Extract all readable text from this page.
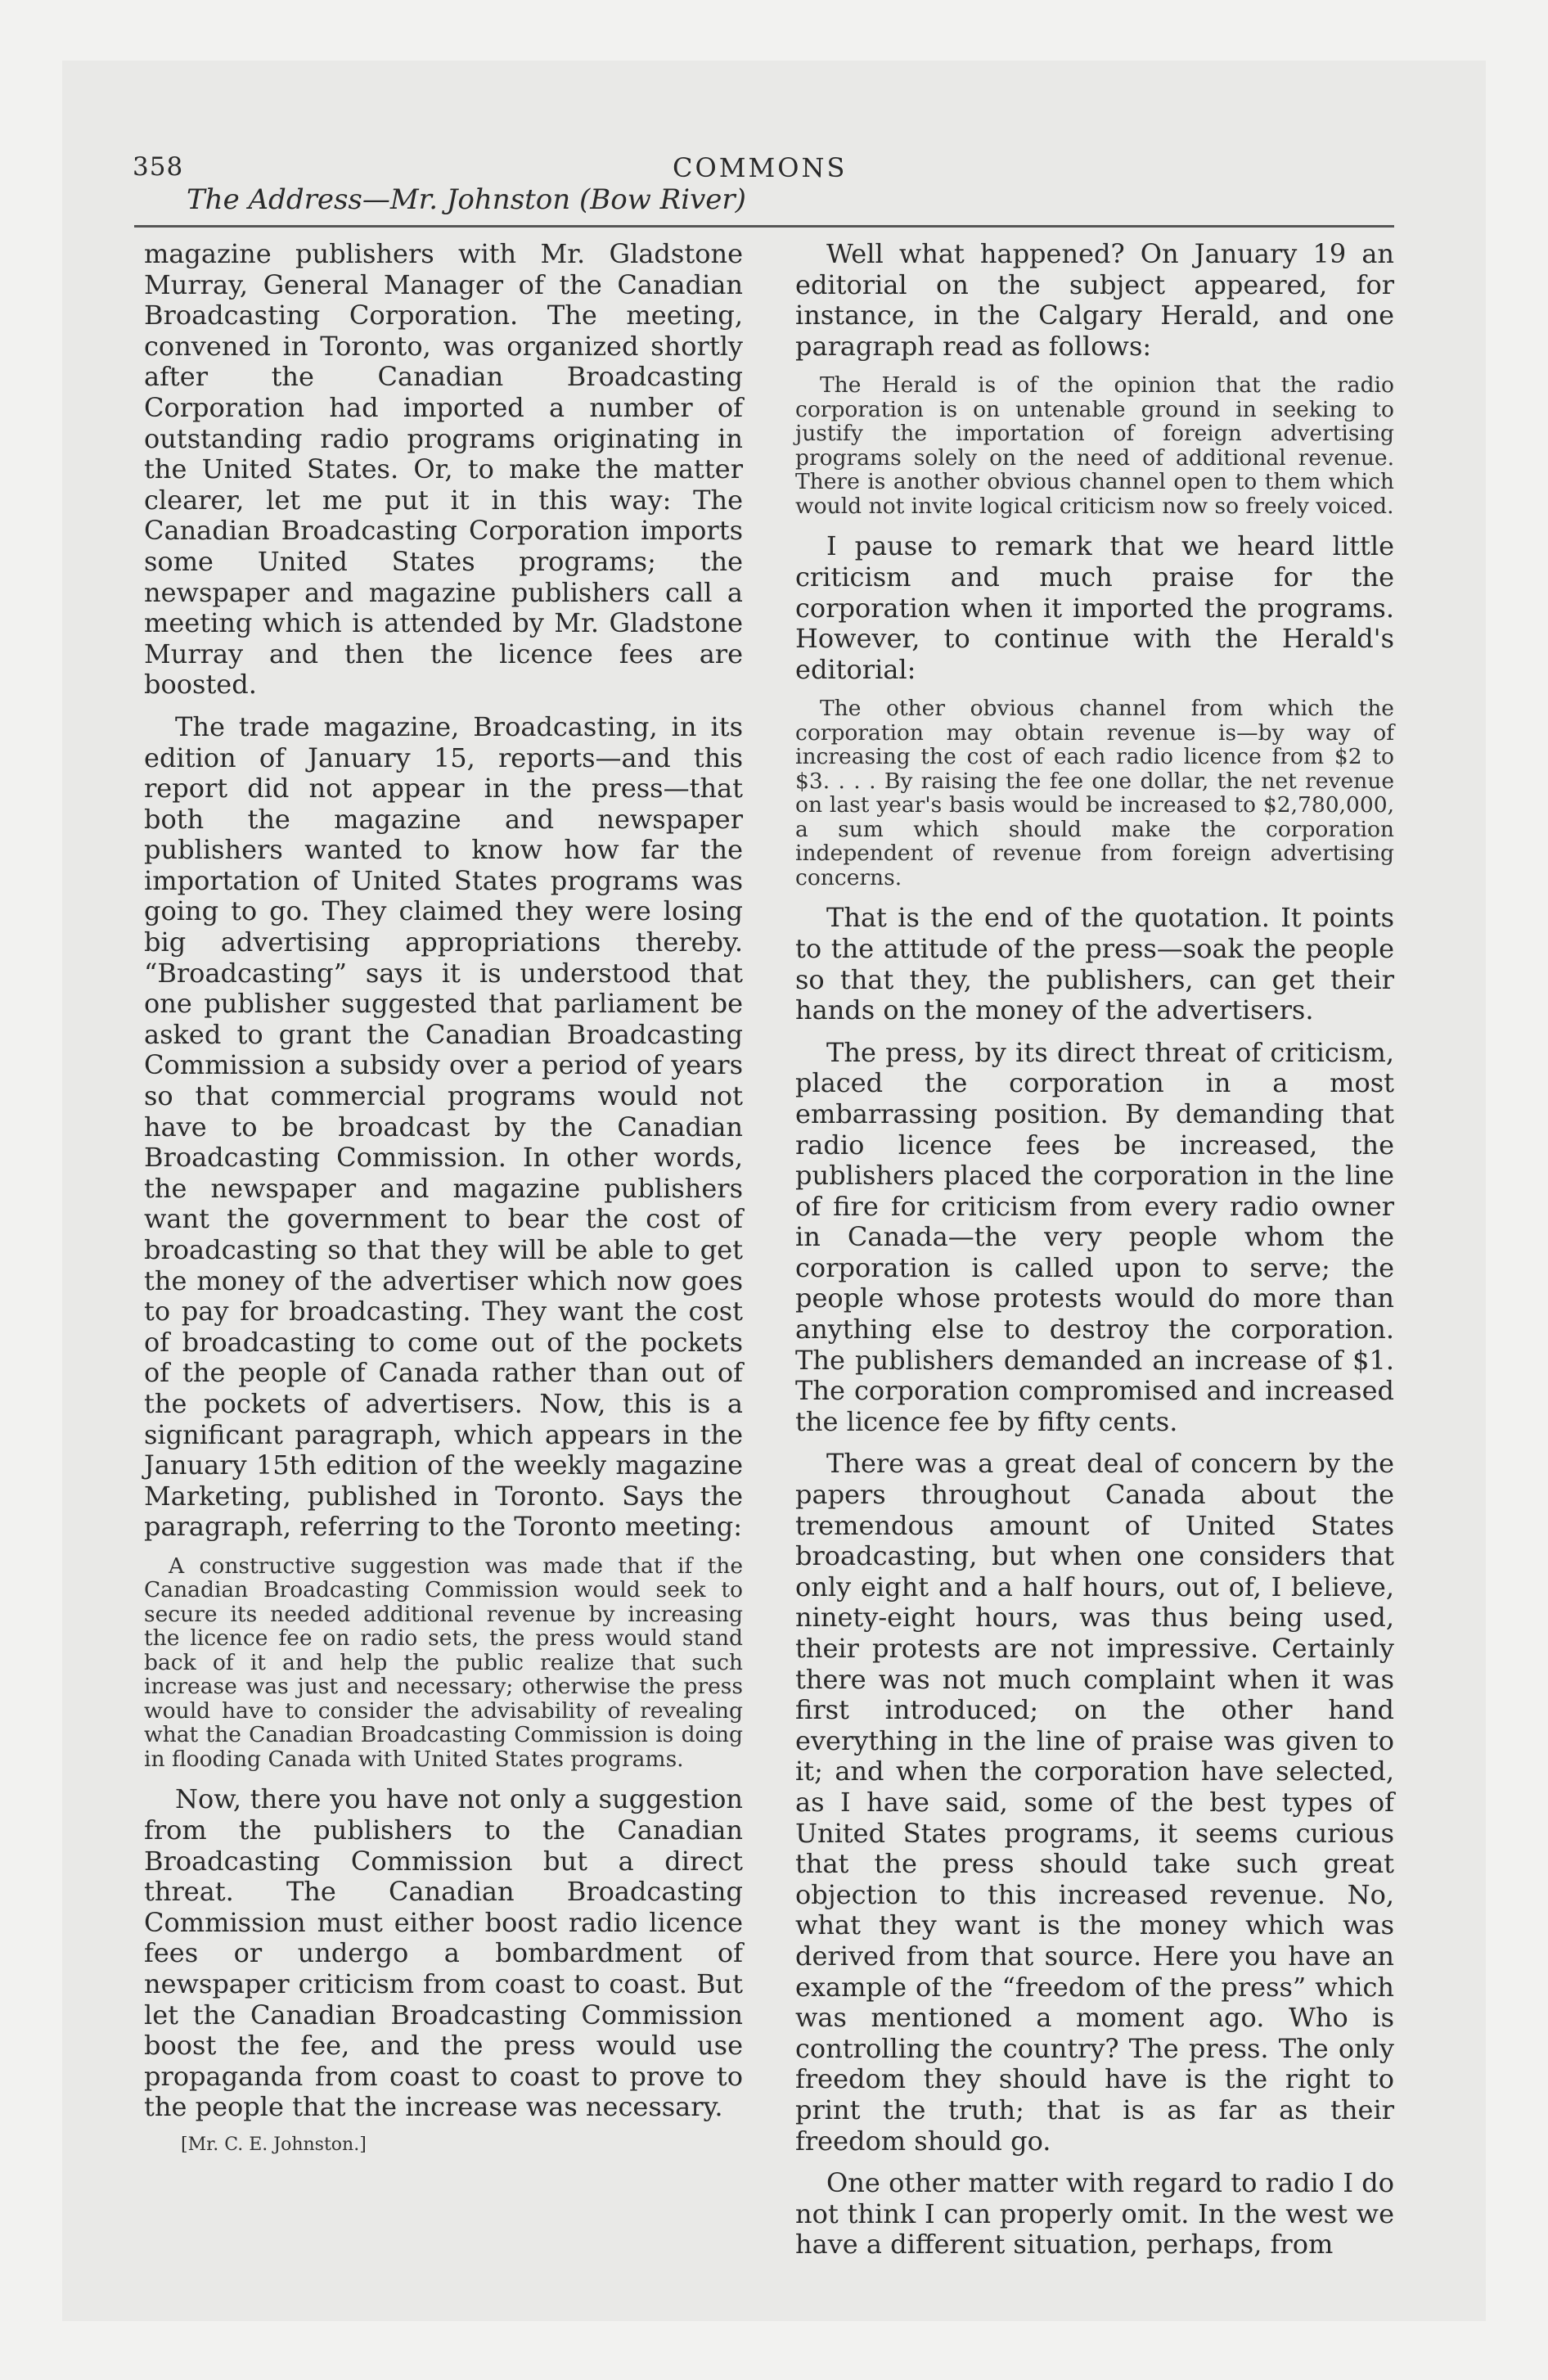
358	COMMONS
The Address—Mr. Johnston (Bow River)

magazine publishers with Mr. Gladstone Murray, General Manager of the Canadian Broadcasting Corporation. The meeting, convened in Toronto, was organized shortly after the Canadian Broadcasting Corporation had imported a number of outstanding radio programs originating in the United States. Or, to make the matter clearer, let me put it in this way: The Canadian Broadcasting Corporation imports some United States programs; the newspaper and magazine publishers call a meeting which is attended by Mr. Gladstone Murray and then the licence fees are boosted.

The trade magazine, Broadcasting, in its edition of January 15, reports—and this report did not appear in the press—that both the magazine and newspaper publishers wanted to know how far the importation of United States programs was going to go. They claimed they were losing big advertising appropriations thereby. “Broadcasting” says it is understood that one publisher suggested that parliament be asked to grant the Canadian Broadcasting Commission a subsidy over a period of years so that commercial programs would not have to be broadcast by the Canadian Broadcasting Commission. In other words, the newspaper and magazine publishers want the government to bear the cost of broadcasting so that they will be able to get the money of the advertiser which now goes to pay for broadcasting. They want the cost of broadcasting to come out of the pockets of the people of Canada rather than out of the pockets of advertisers. Now, this is a significant paragraph, which appears in the January 15th edition of the weekly magazine Marketing, published in Toronto. Says the paragraph, referring to the Toronto meeting:

A constructive suggestion was made that if the Canadian Broadcasting Commission would seek to secure its needed additional revenue by increasing the licence fee on radio sets, the press would stand back of it and help the public realize that such increase was just and necessary; otherwise the press would have to consider the advisability of revealing what the Canadian Broadcasting Commission is doing in flooding Canada with United States programs.

Now, there you have not only a suggestion from the publishers to the Canadian Broadcasting Commission but a direct threat. The Canadian Broadcasting Commission must either boost radio licence fees or undergo a bombardment of newspaper criticism from coast to coast. But let the Canadian Broadcasting Commission boost the fee, and the press would use propaganda from coast to coast to prove to the people that the increase was necessary.

[Mr. C. E. Johnston.]

Well what happened? On January 19 an editorial on the subject appeared, for instance, in the Calgary Herald, and one paragraph read as follows:

The Herald is of the opinion that the radio corporation is on untenable ground in seeking to justify the importation of foreign advertising programs solely on the need of additional revenue. There is another obvious channel open to them which would not invite logical criticism now so freely voiced.

I pause to remark that we heard little criticism and much praise for the corporation when it imported the programs. However, to continue with the Herald's editorial:

The other obvious channel from which the corporation may obtain revenue is—by way of increasing the cost of each radio licence from $2 to $3. . . . By raising the fee one dollar, the net revenue on last year's basis would be increased to $2,780,000, a sum which should make the corporation independent of revenue from foreign advertising concerns.

That is the end of the quotation. It points to the attitude of the press—soak the people so that they, the publishers, can get their hands on the money of the advertisers.

The press, by its direct threat of criticism, placed the corporation in a most embarrassing position. By demanding that radio licence fees be increased, the publishers placed the corporation in the line of fire for criticism from every radio owner in Canada—the very people whom the corporation is called upon to serve; the people whose protests would do more than anything else to destroy the corporation. The publishers demanded an increase of $1. The corporation compromised and increased the licence fee by fifty cents.

There was a great deal of concern by the papers throughout Canada about the tremendous amount of United States broadcasting, but when one considers that only eight and a half hours, out of, I believe, ninety-eight hours, was thus being used, their protests are not impressive. Certainly there was not much complaint when it was first introduced; on the other hand everything in the line of praise was given to it; and when the corporation have selected, as I have said, some of the best types of United States programs, it seems curious that the press should take such great objection to this increased revenue. No, what they want is the money which was derived from that source. Here you have an example of the “freedom of the press” which was mentioned a moment ago. Who is controlling the country? The press. The only freedom they should have is the right to print the truth; that is as far as their freedom should go.

One other matter with regard to radio I do not think I can properly omit. In the west we have a different situation, perhaps, from
